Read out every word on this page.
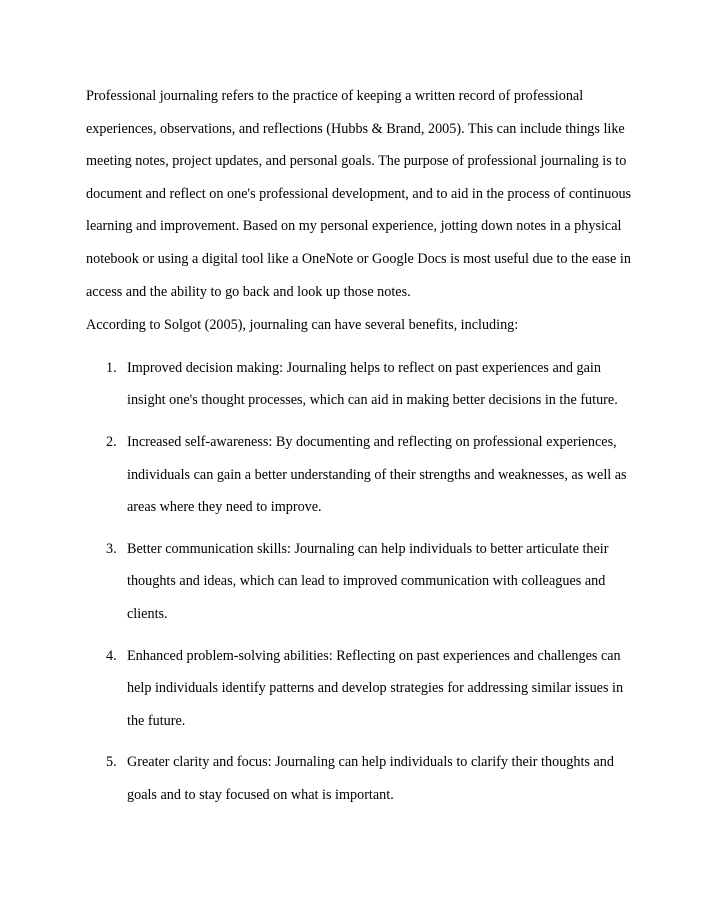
Professional journaling refers to the practice of keeping a written record of professional experiences, observations, and reflections (Hubbs & Brand, 2005). This can include things like meeting notes, project updates, and personal goals. The purpose of professional journaling is to document and reflect on one's professional development, and to aid in the process of continuous learning and improvement. Based on my personal experience, jotting down notes in a physical notebook or using a digital tool like a OneNote or Google Docs is most useful due to the ease in access and the ability to go back and look up those notes.

According to Solgot (2005), journaling can have several benefits, including:

1. Improved decision making: Journaling helps to reflect on past experiences and gain insight one's thought processes, which can aid in making better decisions in the future.
2. Increased self-awareness: By documenting and reflecting on professional experiences, individuals can gain a better understanding of their strengths and weaknesses, as well as areas where they need to improve.
3. Better communication skills: Journaling can help individuals to better articulate their thoughts and ideas, which can lead to improved communication with colleagues and clients.
4. Enhanced problem-solving abilities: Reflecting on past experiences and challenges can help individuals identify patterns and develop strategies for addressing similar issues in the future.
5. Greater clarity and focus: Journaling can help individuals to clarify their thoughts and goals and to stay focused on what is important.
